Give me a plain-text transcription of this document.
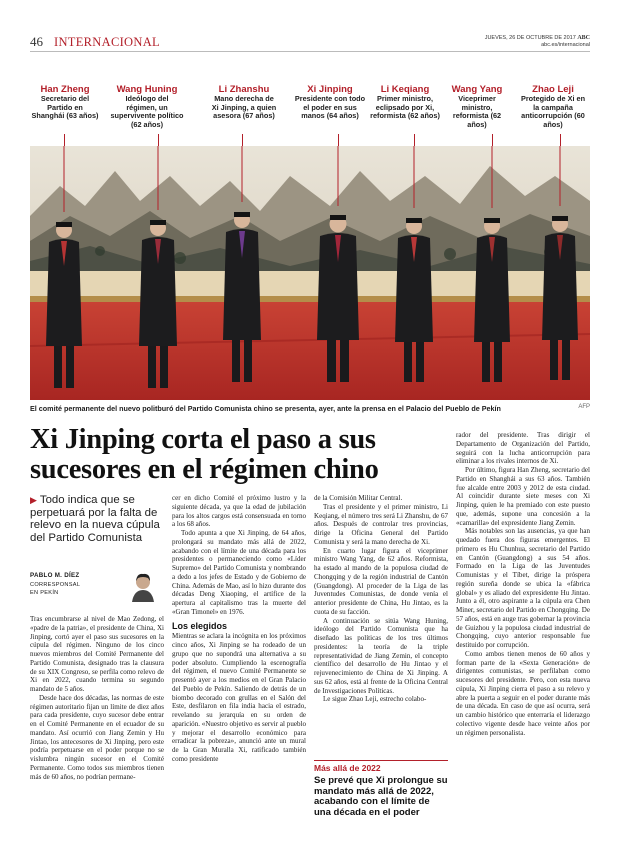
46 INTERNACIONAL	JUEVES, 26 DE OCTUBRE DE 2017 ABC
abc.es/internacional
Han Zheng
Secretario del Partido en Shanghái (63 años)
Wang Huning
Ideólogo del régimen, un supervivente político (62 años)
Li Zhanshu
Mano derecha de Xi Jinping, a quien asesora (67 años)
Xi Jinping
Presidente con todo el poder en sus manos (64 años)
Li Keqiang
Primer ministro, eclipsado por Xi, reformista (62 años)
Wang Yang
Viceprimer ministro, reformista (62 años)
Zhao Leji
Protegido de Xi en la campaña anticorrupción (60 años)
El comité permanente del nuevo politburó del Partido Comunista chino se presenta, ayer, ante la prensa en el Palacio del Pueblo de Pekín	AFP
Xi Jinping corta el paso a sus sucesores en el régimen chino
▶ Todo indica que se perpetuará por la falta de relevo en la nueva cúpula del Partido Comunista
PABLO M. DÍEZ
CORRESPONSAL
EN PEKÍN

Tras encumbrarse al nivel de Mao Zedong, el «padre de la patria», el presidente de China, Xi Jinping, cortó ayer el paso sus sucesores en la cúpula del régimen. Ninguno de los cinco nuevos miembros del Comité Permanente del Partido Comunista, designado tras la clausura de su XIX Congreso, se perfila como relevo de Xi en 2022, cuando termina su segundo mandato de 5 años.

Desde hace dos décadas, las normas de este régimen autoritario fijan un límite de diez años para cada presidente, cuyo sucesor debe entrar en el Comité Permanente en el ecuador de su mandato. Así ocurrió con Jiang Zemin y Hu Jintao, los antecesores de Xi Jinping, pero este podría perpetuarse en el poder porque no se vislumbra ningún sucesor en el Comité Permanente. Como todos sus miembros tienen más de 60 años, no podrían permane-

cer en dicho Comité el próximo lustro y la siguiente década, ya que la edad de jubilación para los altos cargos está consensuada en torno a los 68 años.

Todo apunta a que Xi Jinping, de 64 años, prolongará su mandato más allá de 2022, acabando con el límite de una década para los presidentes o permaneciendo como «Líder Supremo» del Partido Comunista y nombrando a dedo a los jefes de Estado y de Gobierno de China. Además de Mao, así lo hizo durante dos décadas Deng Xiaoping, el artífice de la apertura al capitalismo tras la muerte del «Gran Timonel» en 1976.

Los elegidos

Mientras se aclara la incógnita en los próximos cinco años, Xi Jinping se ha rodeado de un grupo que no supondrá una alternativa a su poder absoluto. Cumpliendo la escenografía del régimen, el nuevo Comité Permanente se presentó ayer a los medios en el Gran Palacio del Pueblo de Pekín. Saliendo de detrás de un biombo decorado con grullas en el Salón del Este, desfilaron en fila india hacia el estrado, revelando su jerarquía en su orden de aparición. «Nuestro objetivo es servir al pueblo y mejorar el desarrollo económico para erradicar la pobreza», anunció ante un mural de la Gran Muralla Xi, ratificado también como presidente

de la Comisión Militar Central.

Tras el presidente y el primer ministro, Li Keqiang, el número tres será Li Zhanshu, de 67 años. Después de controlar tres provincias, dirige la Oficina General del Partido Comunista y será la mano derecha de Xi.

En cuarto lugar figura el viceprimer ministro Wang Yang, de 62 años. Reformista, ha estado al mando de la populosa ciudad de Chongqing y de la región industrial de Cantón (Guangdong). Al proceder de la Liga de las Juventudes Comunistas, de donde venía el anterior presidente de China, Hu Jintao, es la cuota de su facción.

A continuación se sitúa Wang Huning, ideólogo del Partido Comunista que ha diseñado las políticas de los tres últimos presidentes: la teoría de la triple representatividad de Jiang Zemin, el concepto científico del desarrollo de Hu Jintao y el rejuvenecimiento de China de Xi Jinping. A sus 62 años, está al frente de la Oficina Central de Investigaciones Políticas.

Le sigue Zhao Leji, estrecho colabo-

Más allá de 2022
Se prevé que Xi prolongue su mandato más allá de 2022, acabando con el límite de una década en el poder

rador del presidente. Tras dirigir el Departamento de Organización del Partido, seguirá con la lucha anticorrupción para eliminar a los rivales internos de Xi.

Por último, figura Han Zheng, secretario del Partido en Shanghái a sus 63 años. También fue alcalde entre 2003 y 2012 de esta ciudad. Al coincidir durante siete meses con Xi Jinping, quien le ha premiado con este puesto que, además, supone una concesión a la «camarilla» del expresidente Jiang Zemin.

Más notables son las ausencias, ya que han quedado fuera dos figuras emergentes. El primero es Hu Chunhua, secretario del Partido en Cantón (Guangdong) a sus 54 años. Formado en la Liga de las Juventudes Comunistas y el Tíbet, dirige la próspera región sureña donde se ubica la «fábrica global» y es aliado del expresidente Hu Jintao. Junto a él, otro aspirante a la cúpula era Chen Miner, secretario del Partido en Chongqing. De 57 años, está en auge tras gobernar la provincia de Guizhou y la populosa ciudad industrial de Chongqing, cuyo anterior responsable fue destituido por corrupción.

Como ambos tienen menos de 60 años y forman parte de la «Sexta Generación» de dirigentes comunistas, se perfilaban como sucesores del presidente. Pero, con esta nueva cúpula, Xi Jinping cierra el paso a su relevo y abre la puerta a seguir en el poder durante más de una década. En caso de que así ocurra, será un cambio histórico que enterraría el liderazgo colectivo vigente desde hace veinte años por un régimen personalista.
